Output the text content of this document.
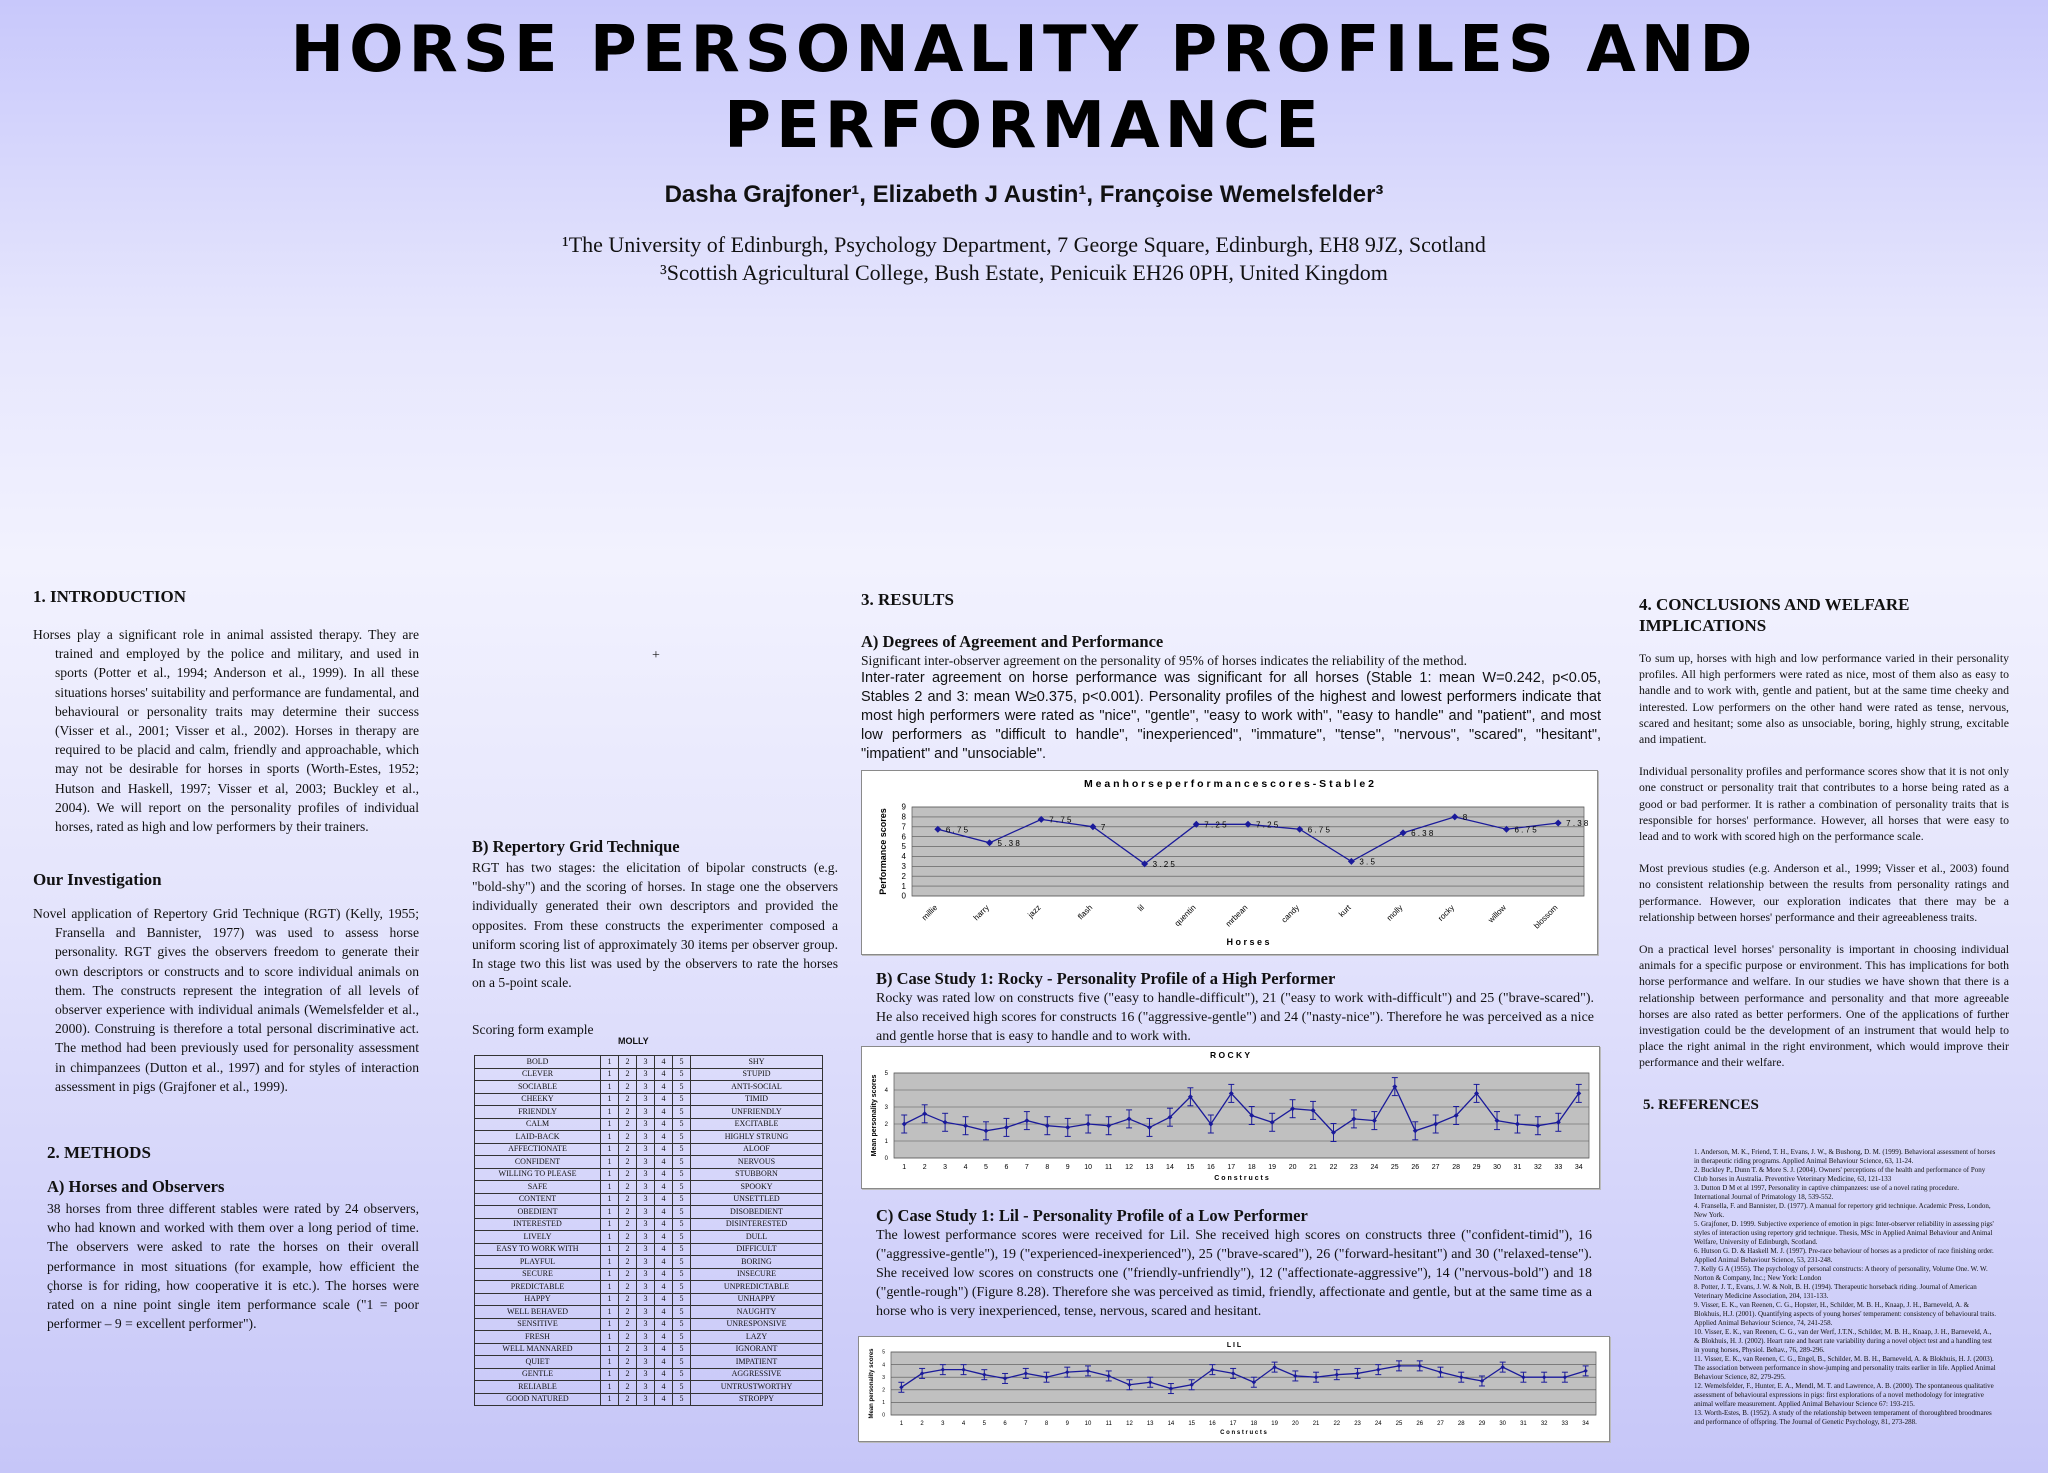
HORSE PERSONALITY PROFILES AND
PERFORMANCE
Dasha Grajfoner¹, Elizabeth J Austin¹, Françoise Wemelsfelder³
¹The University of Edinburgh, Psychology Department, 7 George Square, Edinburgh, EH8 9JZ, Scotland
³Scottish Agricultural College, Bush Estate, Penicuik EH26 0PH, United Kingdom
1. INTRODUCTION
Horses play a significant role in animal assisted therapy. They are trained and employed by the police and military, and used in sports (Potter et al., 1994; Anderson et al., 1999). In all these situations horses' suitability and performance are fundamental, and behavioural or personality traits may determine their success (Visser et al., 2001; Visser et al., 2002). Horses in therapy are required to be placid and calm, friendly and approachable, which may not be desirable for horses in sports (Worth-Estes, 1952; Hutson and Haskell, 1997; Visser et al, 2003; Buckley et al., 2004). We will report on the personality profiles of individual horses, rated as high and low performers by their trainers.
Our Investigation
Novel application of Repertory Grid Technique (RGT) (Kelly, 1955; Fransella and Bannister, 1977) was used to assess horse personality. RGT gives the observers freedom to generate their own descriptors or constructs and to score individual animals on them. The constructs represent the integration of all levels of observer experience with individual animals (Wemelsfelder et al., 2000). Construing is therefore a total personal discriminative act. The method had been previously used for personality assessment in chimpanzees (Dutton et al., 1997) and for styles of interaction assessment in pigs (Grajfoner et al., 1999).
2. METHODS
A) Horses and Observers
38 horses from three different stables were rated by 24 observers, who had known and worked with them over a long period of time. The observers were asked to rate the horses on their overall performance in most situations (for example, how efficient the çhorse is for riding, how cooperative it is etc.). The horses were rated on a nine point single item performance scale ("1 = poor performer – 9 = excellent performer").
+
B) Repertory Grid Technique
RGT has two stages: the elicitation of bipolar constructs (e.g. "bold-shy") and the scoring of horses. In stage one the observers individually generated their own descriptors and provided the opposites. From these constructs the experimenter composed a uniform scoring list of approximately 30 items per observer group. In stage two this list was used by the observers to rate the horses on a 5-point scale.
Scoring form example
MOLLY
BOLD	1	2	3	4	5	SHY
CLEVER	1	2	3	4	5	STUPID
SOCIABLE	1	2	3	4	5	ANTI-SOCIAL
CHEEKY	1	2	3	4	5	TIMID
FRIENDLY	1	2	3	4	5	UNFRIENDLY
CALM	1	2	3	4	5	EXCITABLE
LAID-BACK	1	2	3	4	5	HIGHLY STRUNG
AFFECTIONATE	1	2	3	4	5	ALOOF
CONFIDENT	1	2	3	4	5	NERVOUS
WILLING TO PLEASE	1	2	3	4	5	STUBBORN
SAFE	1	2	3	4	5	SPOOKY
CONTENT	1	2	3	4	5	UNSETTLED
OBEDIENT	1	2	3	4	5	DISOBEDIENT
INTERESTED	1	2	3	4	5	DISINTERESTED
LIVELY	1	2	3	4	5	DULL
EASY TO WORK WITH	1	2	3	4	5	DIFFICULT
PLAYFUL	1	2	3	4	5	BORING
SECURE	1	2	3	4	5	INSECURE
PREDICTABLE	1	2	3	4	5	UNPREDICTABLE
HAPPY	1	2	3	4	5	UNHAPPY
WELL BEHAVED	1	2	3	4	5	NAUGHTY
SENSITIVE	1	2	3	4	5	UNRESPONSIVE
FRESH	1	2	3	4	5	LAZY
WELL MANNARED	1	2	3	4	5	IGNORANT
QUIET	1	2	3	4	5	IMPATIENT
GENTLE	1	2	3	4	5	AGGRESSIVE
RELIABLE	1	2	3	4	5	UNTRUSTWORTHY
GOOD NATURED	1	2	3	4	5	STROPPY
3. RESULTS
A) Degrees of Agreement and Performance
Significant inter-observer agreement on the personality of 95% of horses indicates the reliability of the method.
Inter-rater agreement on horse performance was significant for all horses (Stable 1: mean W=0.242, p<0.05, Stables 2 and 3: mean W≥0.375, p<0.001). Personality profiles of the highest and lowest performers indicate that most high performers were rated as "nice", "gentle", "easy to work with", "easy to handle" and "patient", and most low performers as "difficult to handle", "inexperienced", "immature", "tense", "nervous", "scared", "hesitant", "impatient" and "unsociable".
M e a n h o r s e p e r f o r m a n c e s c o r e s - S t a b l e 2
0
1
2
3
4
5
6
7
8
9
millie	harry	jazz	flash	lil	quentin	mrbean	candy	kurt	molly	rocky	willow	blossom
H o r s e s
Performance scores	6 . 7 5
5 . 3 8
7 . 7 5
7
3 . 2 5
7 . 2 5	7 . 2 5
6 . 7 5
3 . 5
6 . 3 8
8
6 . 7 5
7 . 3 8
B) Case Study 1: Rocky - Personality Profile of a High Performer
Rocky was rated low on constructs five ("easy to handle-difficult"), 21 ("easy to work with-difficult") and 25 ("brave-scared"). He also received high scores for constructs 16 ("aggressive-gentle") and 24 ("nasty-nice"). Therefore he was perceived as a nice and gentle horse that is easy to handle and to work with.
R O C K Y
0
1
2
3
4
5
1 2 3 4 5 6 7 8 9 10 11 12 13 14 15 16 17 18 19 20 21 22 23 24 25 26 27 28 29 30 31 32 33 34
C o n s t r u c t s
Mean personality scores
C) Case Study 1: Lil - Personality Profile of a Low Performer
The lowest performance scores were received for Lil. She received high scores on constructs three ("confident-timid"), 16 ("aggressive-gentle"), 19 ("experienced-inexperienced"), 25 ("brave-scared"), 26 ("forward-hesitant") and 30 ("relaxed-tense"). She received low scores on constructs one ("friendly-unfriendly"), 12 ("affectionate-aggressive"), 14 ("nervous-bold") and 18 ("gentle-rough") (Figure 8.28). Therefore she was perceived as timid, friendly, affectionate and gentle, but at the same time as a horse who is very inexperienced, tense, nervous, scared and hesitant.
L I L
0
1
2
3
4
5
1	2	3	4	5	6	7	8	9	10 11 12 13 14 15 16 17 18 19 20 21 22 23 24 25 26 27 28 29 30 31 32 33 34
C o n s t r u c t s
Mean personality scores
4. CONCLUSIONS AND WELFARE IMPLICATIONS
To sum up, horses with high and low performance varied in their personality profiles. All high performers were rated as nice, most of them also as easy to handle and to work with, gentle and patient, but at the same time cheeky and interested. Low performers on the other hand were rated as tense, nervous, scared and hesitant; some also as unsociable, boring, highly strung, excitable and impatient.
Individual personality profiles and performance scores show that it is not only one construct or personality trait that contributes to a horse being rated as a good or bad performer. It is rather a combination of personality traits that is responsible for horses' performance. However, all horses that were easy to lead and to work with scored high on the performance scale.
Most previous studies (e.g. Anderson et al., 1999; Visser et al., 2003) found no consistent relationship between the results from personality ratings and performance. However, our exploration indicates that there may be a relationship between horses' performance and their agreeableness traits.
On a practical level horses' personality is important in choosing individual animals for a specific purpose or environment. This has implications for both horse performance and welfare. In our studies we have shown that there is a relationship between performance and personality and that more agreeable horses are also rated as better performers. One of the applications of further investigation could be the development of an instrument that would help to place the right animal in the right environment, which would improve their performance and their welfare.
5. REFERENCES
1. Anderson, M. K., Friend, T. H., Evans, J. W., & Bushong, D. M. (1999). Behavioral assessment of horses in therapeutic riding programs. Applied Animal Behaviour Science, 63, 11-24.
2. Buckley P., Dunn T. & More S. J. (2004). Owners' perceptions of the health and performance of Pony Club horses in Australia. Preventive Veterinary Medicine, 63, 121-133
3. Dutton D M et al 1997, Personality in captive chimpanzees: use of a novel rating procedure. International Journal of Primatology 18, 539-552.
4. Fransella, F. and Bannister, D. (1977). A manual for repertory grid technique. Academic Press, London, New York.
5. Grajfoner, D. 1999. Subjective experience of emotion in pigs: Inter-observer reliability in assessing pigs' styles of interaction using repertory grid technique. Thesis, MSc in Applied Animal Behaviour and Animal Welfare, University of Edinburgh, Scotland.
6. Hutson G. D. & Haskell M. J. (1997). Pre-race behaviour of horses as a predictor of race finishing order. Applied Animal Behaviour Science, 53, 231-248.
7. Kelly G A (1955). The psychology of personal constructs: A theory of personality, Volume One. W. W. Norton & Company, Inc.; New York: London
8. Potter, J. T., Evans, J. W. & Nolt, B. H. (1994). Therapeutic horseback riding. Journal of American Veterinary Medicine Association, 204, 131-133.
9. Visser, E. K., van Reenen, C. G., Hopster, H., Schilder, M. B. H., Knaap, J. H., Barneveld, A. & Blokhuis, H.J. (2001). Quantifying aspects of young horses' temperament: consistency of behavioural traits. Applied Animal Behaviour Science, 74, 241-258.
10. Visser, E. K., van Reenen, C. G., van der Werf, J.T.N., Schilder, M. B. H., Knaap, J. H., Barneveld, A., & Blokhuis, H. J. (2002). Heart rate and heart rate variability during a novel object test and a handling test in young horses, Physiol. Behav., 76, 289-296.
11. Visser, E. K., van Reenen, C. G., Engel, B., Schilder, M. B. H., Barneveld, A. & Blokhuis, H. J. (2003). The association between performance in show-jumping and personality traits earlier in life. Applied Animal Behaviour Science, 82, 279-295.
12. Wemelsfelder, F., Hunter, E. A., Mendl, M. T. and Lawrence, A. B. (2000). The spontaneous qualitative assessment of behavioural expressions in pigs: first explorations of a novel methodology for integrative animal welfare measurement. Applied Animal Behaviour Science 67: 193-215.
13. Worth-Estes, B. (1952). A study of the relationship between temperament of thoroughbred broodmares and performance of offspring. The Journal of Genetic Psychology, 81, 273-288.
